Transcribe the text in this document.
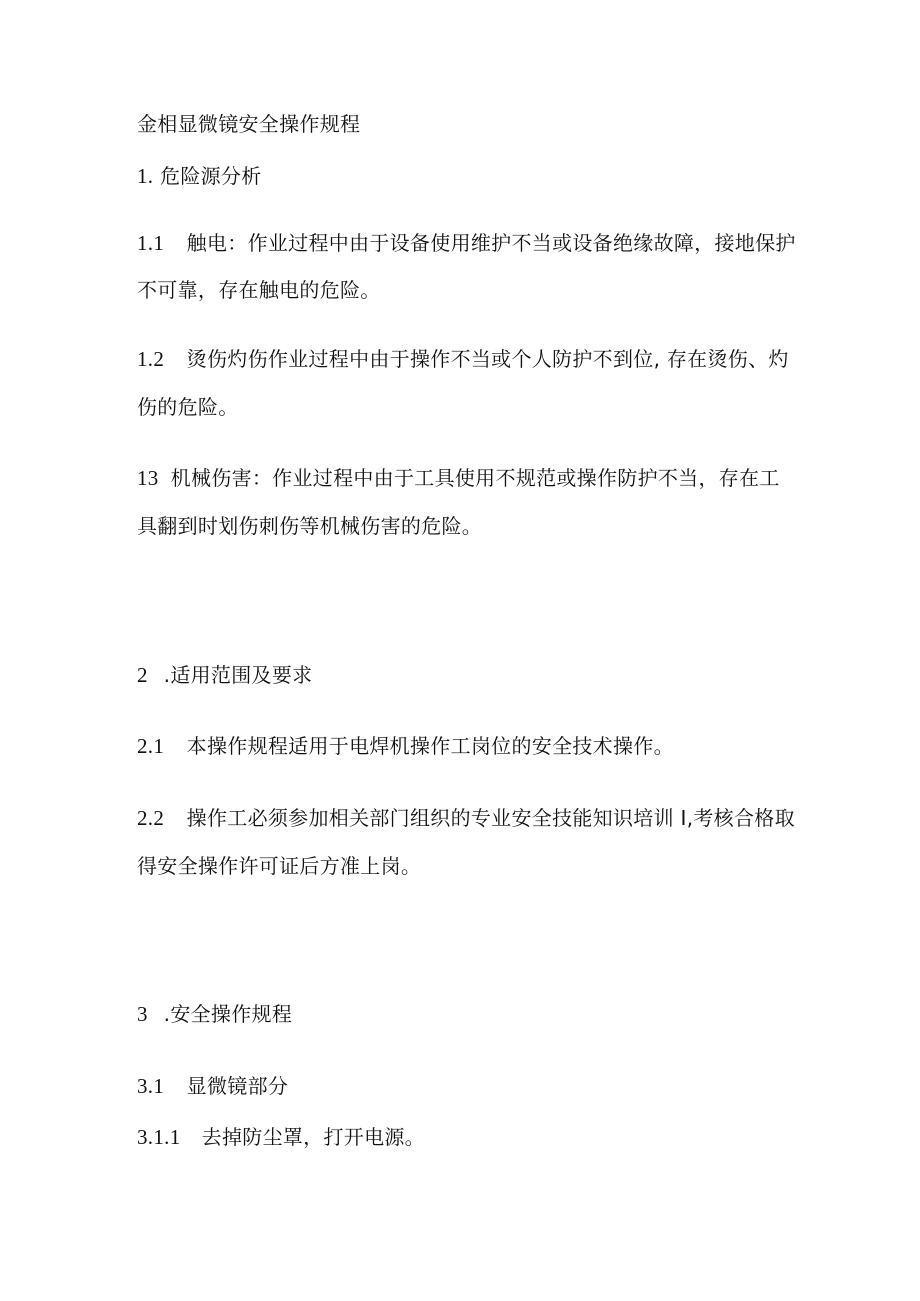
金相显微镜安全操作规程
1. 危险源分析
1.1 触电：作业过程中由于设备使用维护不当或设备绝缘故障，接地保护
不可靠，存在触电的危险。
1.2 烫伤灼伤作业过程中由于操作不当或个人防护不到位, 存在烫伤、灼
伤的危险。
13 机械伤害：作业过程中由于工具使用不规范或操作防护不当，存在工
具翻到时划伤刺伤等机械伤害的危险。
2 .适用范围及要求
2.1 本操作规程适用于电焊机操作工岗位的安全技术操作。
2.2 操作工必须参加相关部门组织的专业安全技能知识培训 I,考核合格取
得安全操作许可证后方准上岗。
3 .安全操作规程
3.1 显微镜部分
3.1.1 去掉防尘罩，打开电源。
